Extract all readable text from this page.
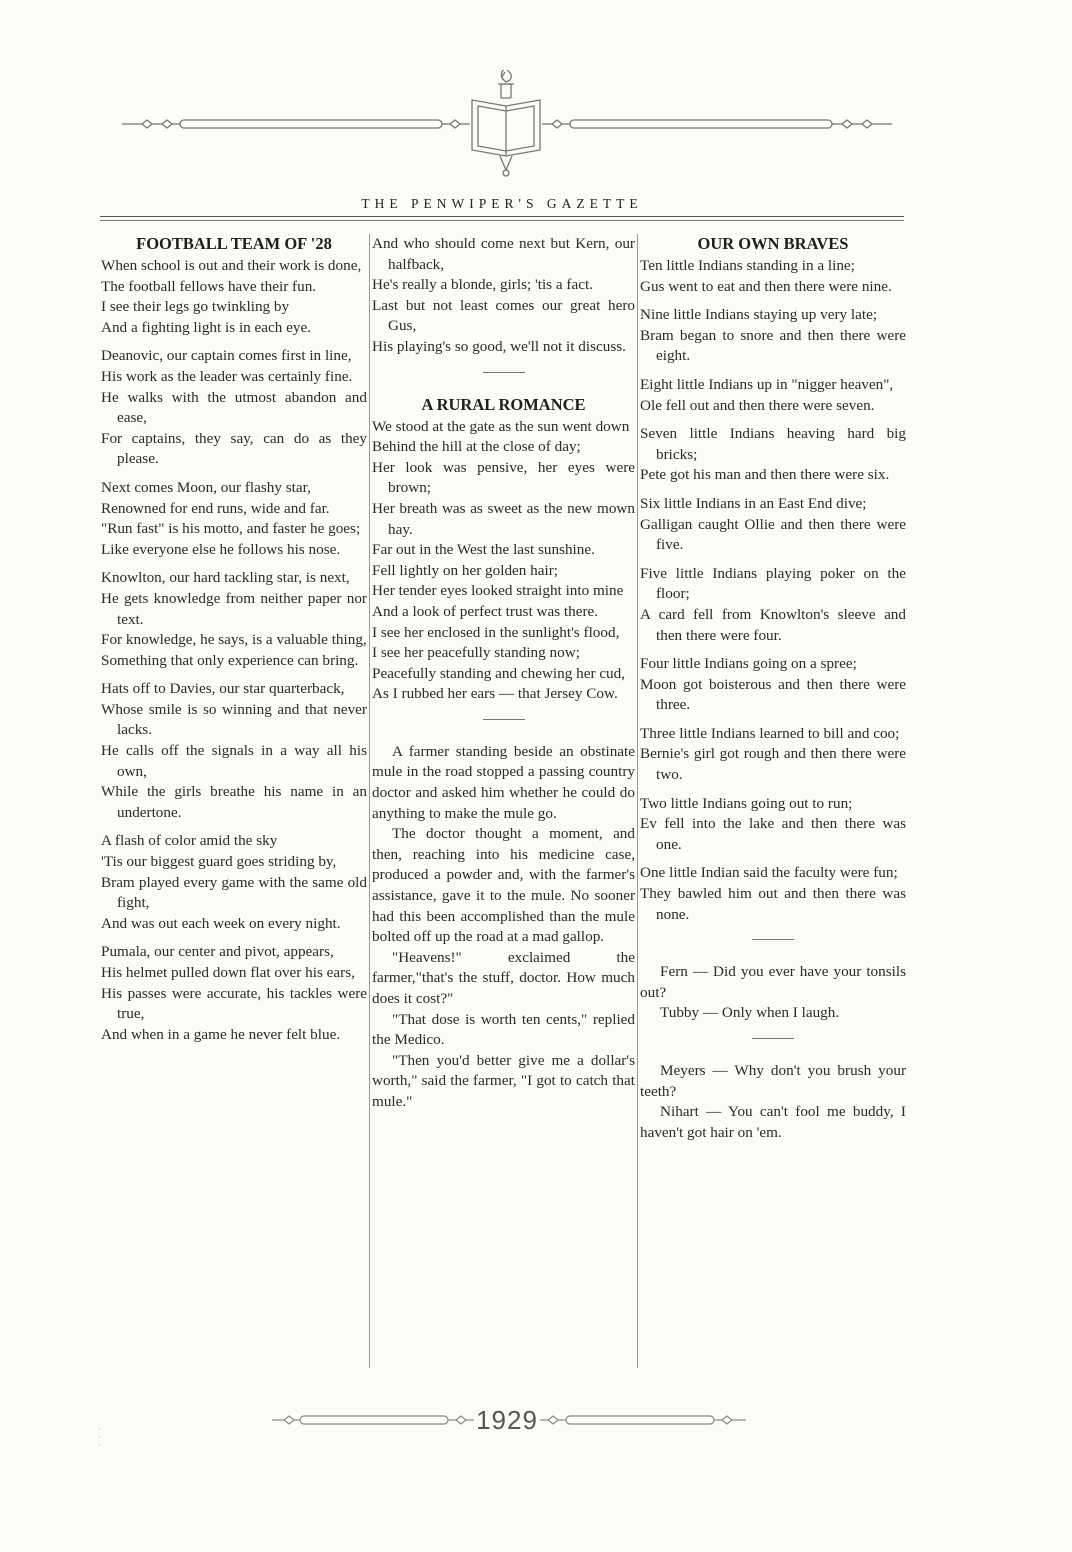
THE PENWIPER'S GAZETTE
FOOTBALL TEAM OF '28
When school is out and their work is done,
The football fellows have their fun.
I see their legs go twinkling by
And a fighting light is in each eye.
Deanovic, our captain comes first in line,
His work as the leader was certainly fine.
He walks with the utmost abandon and ease,
For captains, they say, can do as they please.
Next comes Moon, our flashy star,
Renowned for end runs, wide and far.
"Run fast" is his motto, and faster he goes;
Like everyone else he follows his nose.
Knowlton, our hard tackling star, is next,
He gets knowledge from neither paper nor text.
For knowledge, he says, is a valuable thing,
Something that only experience can bring.
Hats off to Davies, our star quarterback,
Whose smile is so winning and that never lacks.
He calls off the signals in a way all his own,
While the girls breathe his name in an undertone.
A flash of color amid the sky
'Tis our biggest guard goes striding by,
Bram played every game with the same old fight,
And was out each week on every night.
Pumala, our center and pivot, appears,
His helmet pulled down flat over his ears,
His passes were accurate, his tackles were true,
And when in a game he never felt blue.
And who should come next but Kern, our halfback,
He's really a blonde, girls; 'tis a fact.
Last but not least comes our great hero Gus,
His playing's so good, we'll not it discuss.
A RURAL ROMANCE
We stood at the gate as the sun went down
Behind the hill at the close of day;
Her look was pensive, her eyes were brown;
Her breath was as sweet as the new mown hay.
Far out in the West the last sunshine.
Fell lightly on her golden hair;
Her tender eyes looked straight into mine
And a look of perfect trust was there.
I see her enclosed in the sunlight's flood,
I see her peacefully standing now;
Peacefully standing and chewing her cud,
As I rubbed her ears — that Jersey Cow.

A farmer standing beside an obstinate mule in the road stopped a passing country doctor and asked him whether he could do anything to make the mule go.

The doctor thought a moment, and then, reaching into his medicine case, produced a powder and, with the farmer's assistance, gave it to the mule. No sooner had this been accomplished than the mule bolted off up the road at a mad gallop.

"Heavens!" exclaimed the farmer,"that's the stuff, doctor. How much does it cost?"

"That dose is worth ten cents," replied the Medico.

"Then you'd better give me a dollar's worth," said the farmer, "I got to catch that mule."

OUR OWN BRAVES
Ten little Indians standing in a line;
Gus went to eat and then there were nine.
Nine little Indians staying up very late;
Bram began to snore and then there were eight.
Eight little Indians up in "nigger heaven",
Ole fell out and then there were seven.
Seven little Indians heaving hard big bricks;
Pete got his man and then there were six.
Six little Indians in an East End dive;
Galligan caught Ollie and then there were five.
Five little Indians playing poker on the floor;
A card fell from Knowlton's sleeve and then there were four.
Four little Indians going on a spree;
Moon got boisterous and then there were three.
Three little Indians learned to bill and coo;
Bernie's girl got rough and then there were two.
Two little Indians going out to run;
Ev fell into the lake and then there was one.
One little Indian said the faculty were fun;
They bawled him out and then there was none.

Fern — Did you ever have your tonsils out?

Tubby — Only when I laugh.

Meyers — Why don't you brush your teeth?

Nihart — You can't fool me buddy, I haven't got hair on 'em.

1929
·
·
·
